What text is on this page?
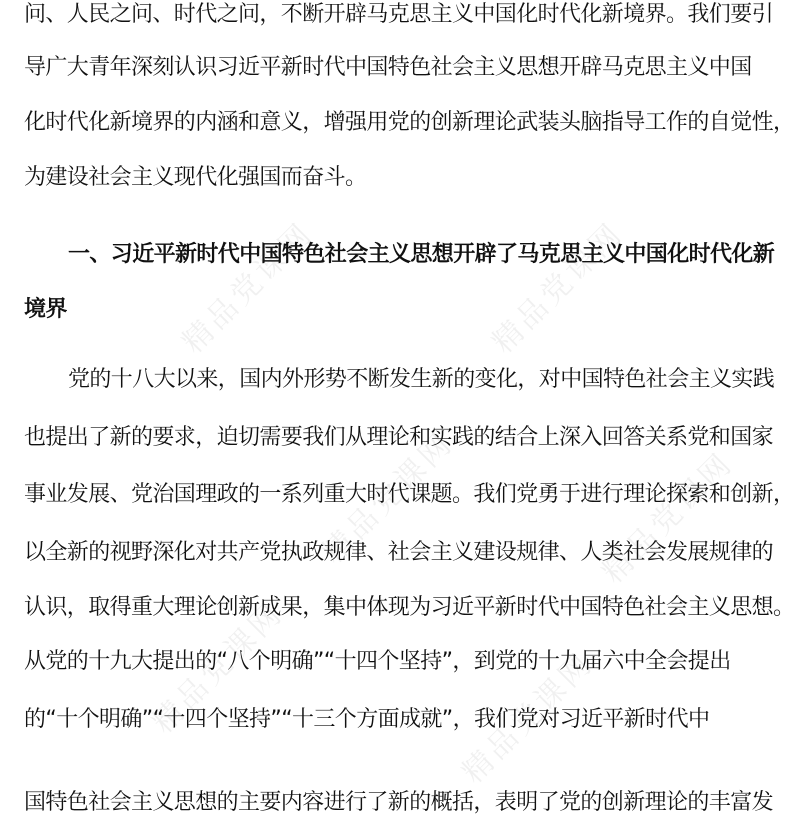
精品党课网	精品党课网
精品党课网	精品党课网
精品党课网	精品党课网
问、人民之问、时代之问，不断开辟马克思主义中国化时代化新境界。我们要引
导广大青年深刻认识习近平新时代中国特色社会主义思想开辟马克思主义中国
化时代化新境界的内涵和意义，增强用党的创新理论武装头脑指导工作的自觉性，
为建设社会主义现代化强国而奋斗。
一、习近平新时代中国特色社会主义思想开辟了马克思主义中国化时代化新
境界
党的十八大以来，国内外形势不断发生新的变化，对中国特色社会主义实践
也提出了新的要求，迫切需要我们从理论和实践的结合上深入回答关系党和国家
事业发展、党治国理政的一系列重大时代课题。我们党勇于进行理论探索和创新，
以全新的视野深化对共产党执政规律、社会主义建设规律、人类社会发展规律的
认识，取得重大理论创新成果，集中体现为习近平新时代中国特色社会主义思想。
从党的十九大提出的“八个明确”“十四个坚持”，到党的十九届六中全会提出
的“十个明确”“十四个坚持”“十三个方面成就”，我们党对习近平新时代中
国特色社会主义思想的主要内容进行了新的概括，表明了党的创新理论的丰富发
